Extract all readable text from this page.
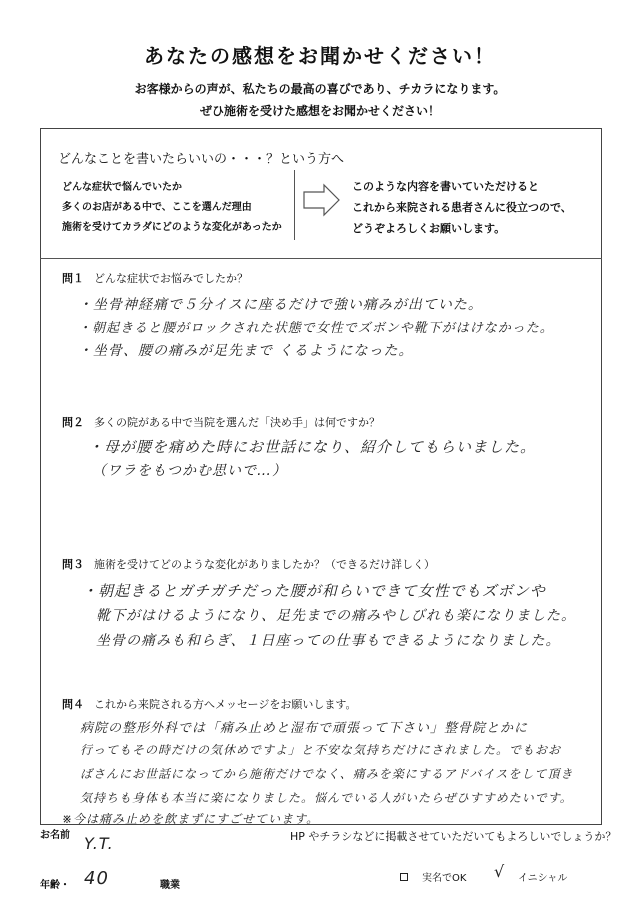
あなたの感想をお聞かせください！
お客様からの声が、私たちの最高の喜びであり、チカラになります。
ぜひ施術を受けた感想をお聞かせください！
どんなことを書いたらいいの・・・？という方へ
どんな症状で悩んでいたか
多くのお店がある中で、ここを選んだ理由
施術を受けてカラダにどのような変化があったか
このような内容を書いていただけると
これから来院される患者さんに役立つので、
どうぞよろしくお願いします。
問１ どんな症状でお悩みでしたか？
・坐骨神経痛で５分イスに座るだけで強い痛みが出ていた。
・朝起きると腰がロックされた状態で女性でズボンや靴下がはけなかった。
・坐骨、腰の痛みが足先まで くるようになった。
問２ 多くの院がある中で当院を選んだ「決め手」は何ですか？
・母が腰を痛めた時にお世話になり、紹介してもらいました。
（ワラをもつかむ思いで…）
問３ 施術を受けてどのような変化がありましたか？（できるだけ詳しく）
・朝起きるとガチガチだった腰が和らいできて女性でもズボンや
靴下がはけるようになり、足先までの痛みやしびれも楽になりました。
坐骨の痛みも和らぎ、１日座っての仕事もできるようになりました。
問４ これから来院される方へメッセージをお願いします。
病院の整形外科では「痛み止めと湿布で頑張って下さい」整骨院とかに
行ってもその時だけの気休めですよ」と不安な気持ちだけにされました。でもおお
ばさんにお世話になってから施術だけでなく、痛みを楽にするアドバイスをして頂き
気持ちも身体も本当に楽になりました。悩んでいる人がいたらぜひすすめたいです。
※今は痛み止めを飲まずにすごせています。
お名前 Y.T.	HP やチラシなどに掲載させていただいてもよろしいでしょうか？
年齢・ 40	職業
実名でOK √ イニシャル
